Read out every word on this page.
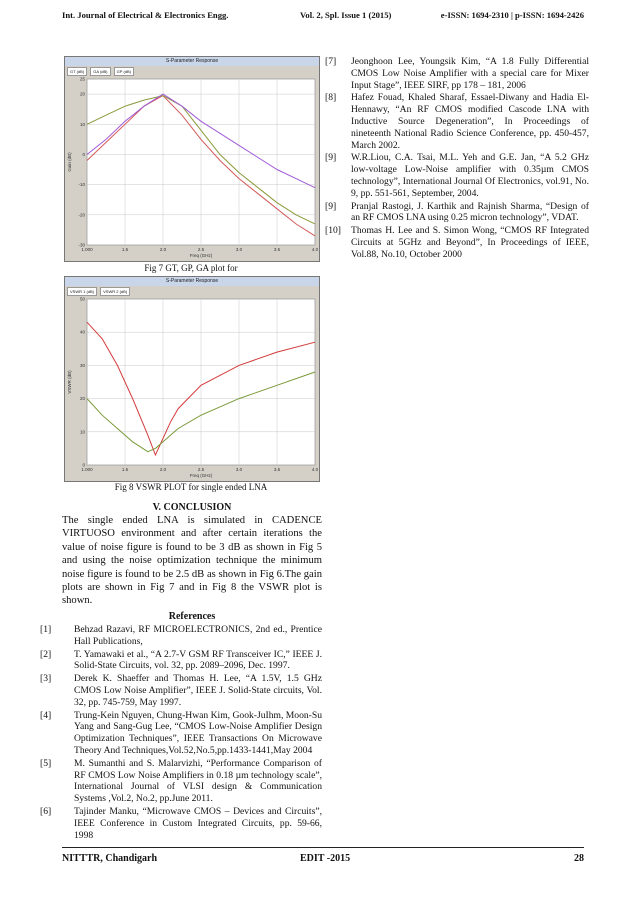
Int. Journal of Electrical & Electronics Engg.	Vol. 2, Spl. Issue 1 (2015)	e-ISSN: 1694-2310 | p-ISSN: 1694-2426
S-Parameter Response
GT (dB) GA (dB) GP (dB)
25
20
10
0
-10
-20
-30
1.000	1.5	2.0	2.5	3.0	3.5	4.0
Freq (GHz)
Gain (dB)
Fig 7 GT, GP, GA plot for
S-Parameter Response
VSWR 1 (dB) VSWR 2 (dB)
50
40
30
20
10
0
1.000	1.5	2.0	2.5	3.0	3.5	4.0
Freq (GHz)
VSWR (dB)
Fig 8 VSWR PLOT for single ended LNA
V. CONCLUSION
The single ended LNA is simulated in CADENCE VIRTUOSO environment and after certain iterations the value of noise figure is found to be 3 dB as shown in Fig 5 and using the noise optimization technique the minimum noise figure is found to be 2.5 dB as shown in Fig 6.The gain plots are shown in Fig 7 and in Fig 8 the VSWR plot is shown.
References
[1] Behzad Razavi, RF MICROELECTRONICS, 2nd ed., Prentice Hall Publications,
[2] T. Yamawaki et al., “A 2.7-V GSM RF Transceiver IC,” IEEE J. Solid-State Circuits, vol. 32, pp. 2089–2096, Dec. 1997.
[3] Derek K. Shaeffer and Thomas H. Lee, “A 1.5V, 1.5 GHz CMOS Low Noise Amplifier”, IEEE J. Solid-State circuits, Vol. 32, pp. 745-759, May 1997.
[4] Trung-Kein Nguyen, Chung-Hwan Kim, Gook-JuIhm, Moon-Su Yang and Sang-Gug Lee, “CMOS Low-Noise Amplifier Design Optimization Techniques”, IEEE Transactions On Microwave Theory And Techniques,Vol.52,No.5,pp.1433-1441,May 2004
[5] M. Sumanthi and S. Malarvizhi, “Performance Comparison of RF CMOS Low Noise Amplifiers in 0.18 µm technology scale”, International Journal of VLSI design & Communication Systems ,Vol.2, No.2, pp.June 2011.
[6] Tajinder Manku, “Microwave CMOS – Devices and Circuits”, IEEE Conference in Custom Integrated Circuits, pp. 59-66, 1998
[7] Jeonghoon Lee, Youngsik Kim, “A 1.8 Fully Differential CMOS Low Noise Amplifier with a special care for Mixer Input Stage”, IEEE SIRF, pp 178 – 181, 2006
[8] Hafez Fouad, Khaled Sharaf, Essael-Diwany and Hadia El-Hennawy, “An RF CMOS modified Cascode LNA with Inductive Source Degeneration”, In Proceedings of nineteenth National Radio Science Conference, pp. 450-457, March 2002.
[9] W.R.Liou, C.A. Tsai, M.L. Yeh and G.E. Jan, “A 5.2 GHz low-voltage Low-Noise amplifier with 0.35µm CMOS technology”, International Journal Of Electronics, vol.91, No. 9, pp. 551-561, September, 2004.
[9] Pranjal Rastogi, J. Karthik and Rajnish Sharma, “Design of an RF CMOS LNA using 0.25 micron technology”, VDAT.
[10] Thomas H. Lee and S. Simon Wong, “CMOS RF Integrated Circuits at 5GHz and Beyond”, In Proceedings of IEEE, Vol.88, No.10, October 2000
NITTTR, Chandigarh	EDIT -2015	28
